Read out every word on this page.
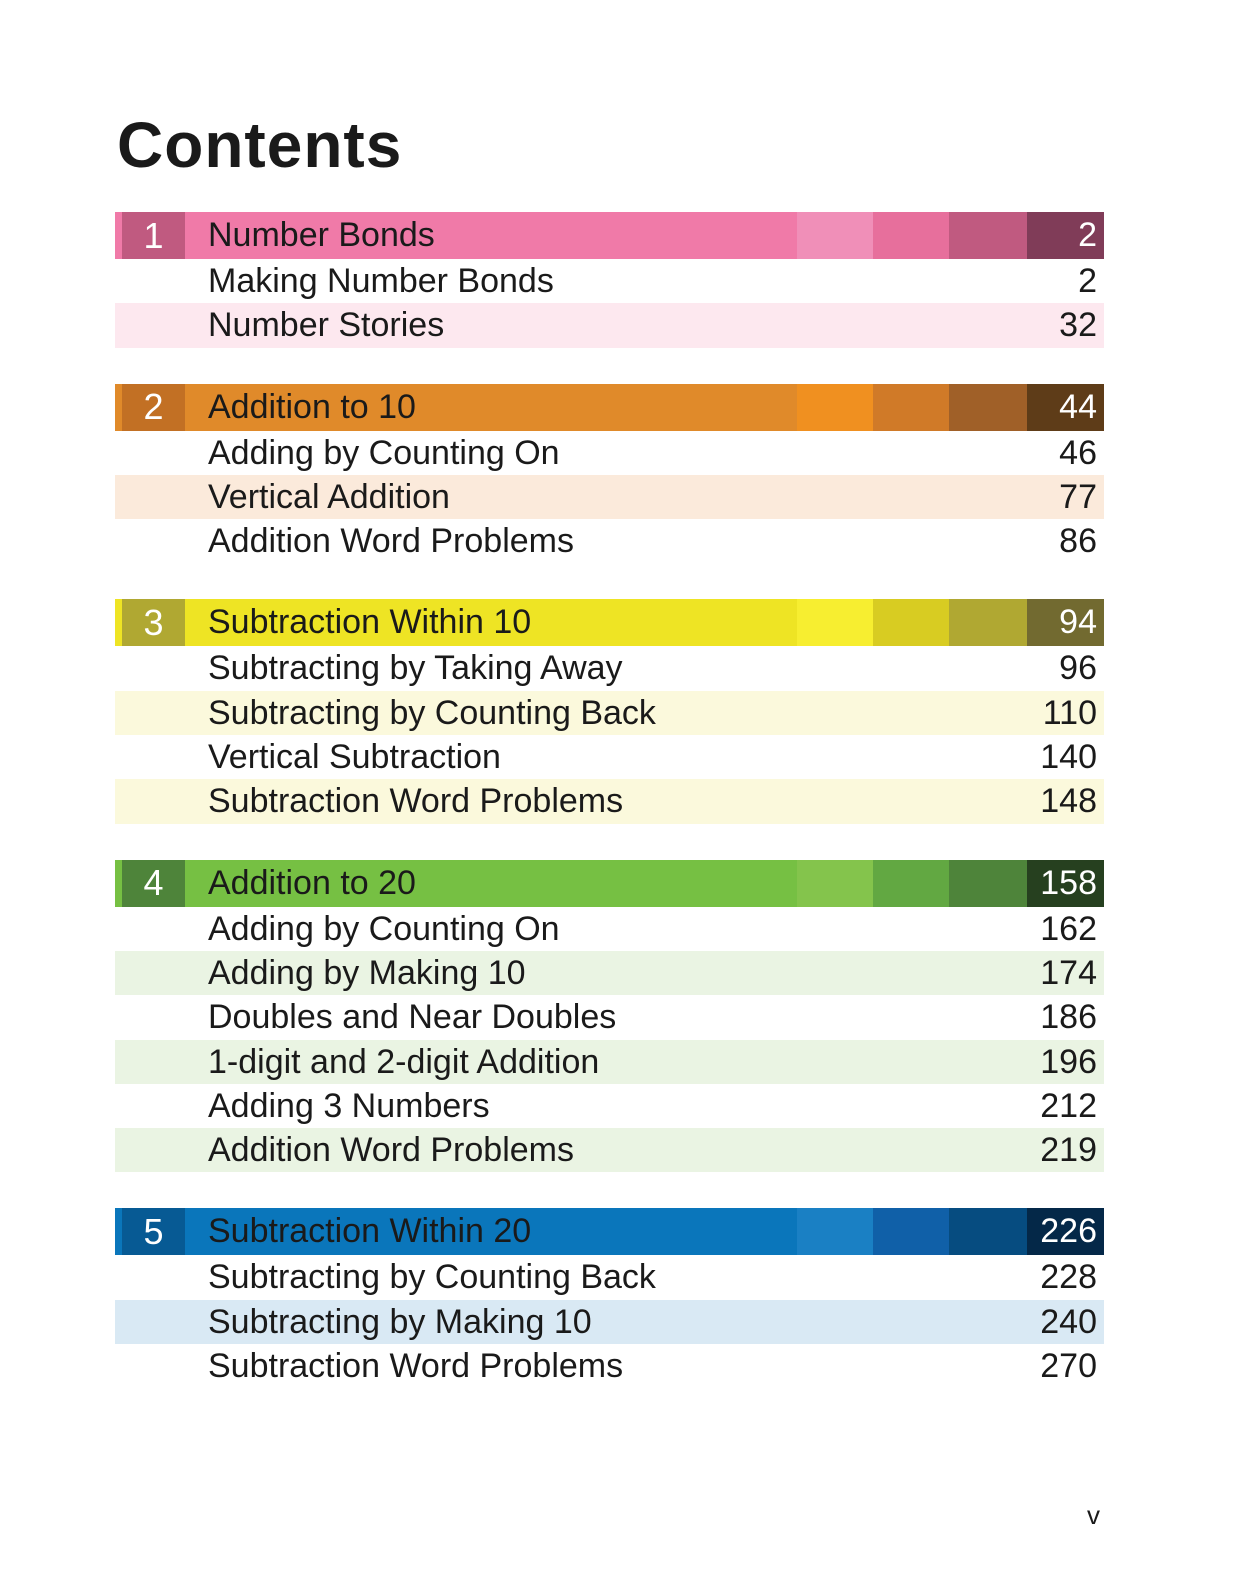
Contents
1	Number Bonds	2
Making Number Bonds	2
Number Stories	32
2	Addition to 10	44
Adding by Counting On	46
Vertical Addition	77
Addition Word Problems	86
3	Subtraction Within 10	94
Subtracting by Taking Away	96
Subtracting by Counting Back	110
Vertical Subtraction	140
Subtraction Word Problems	148
4	Addition to 20	158
Adding by Counting On	162
Adding by Making 10	174
Doubles and Near Doubles	186
1-digit and 2-digit Addition	196
Adding 3 Numbers	212
Addition Word Problems	219
5	Subtraction Within 20	226
Subtracting by Counting Back	228
Subtracting by Making 10	240
Subtraction Word Problems	270
v
